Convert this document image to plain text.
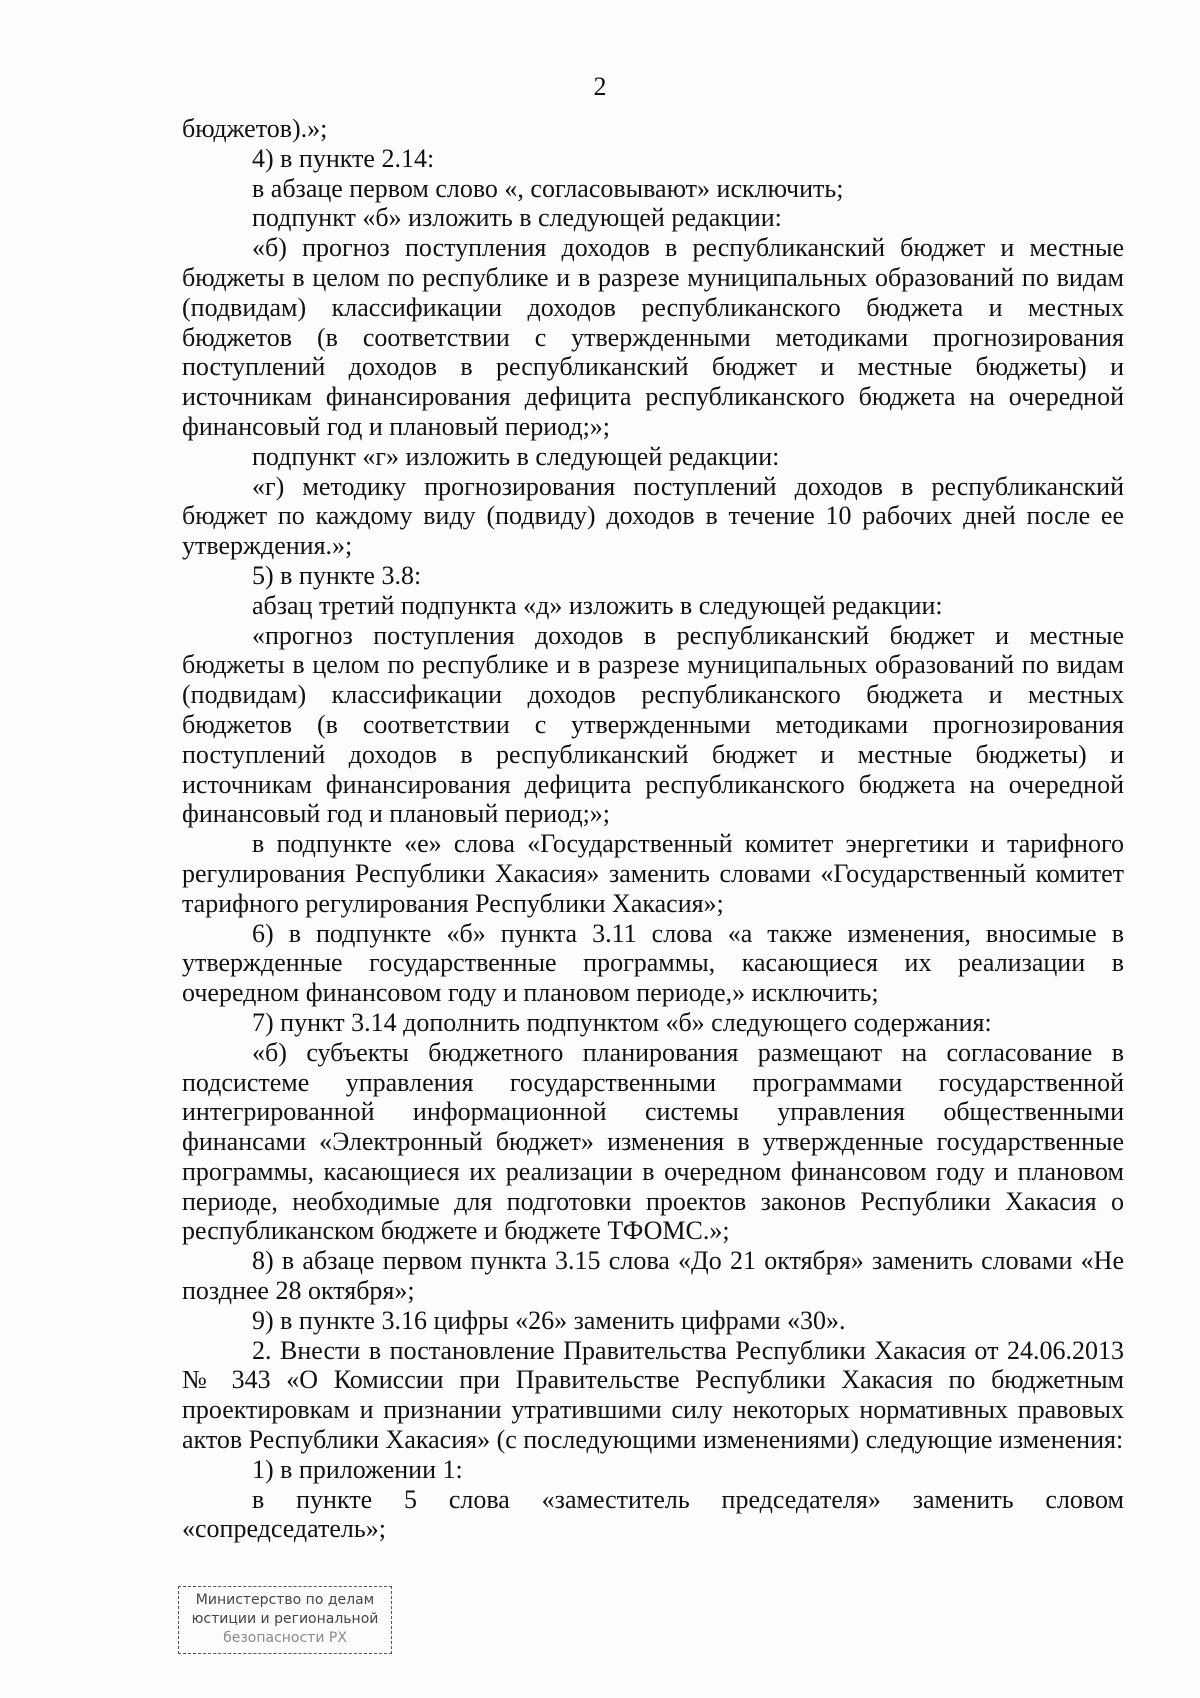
2

бюджетов).»;

4) в пункте 2.14:

в абзаце первом слово «, согласовывают» исключить;

подпункт «б» изложить в следующей редакции:

«б) прогноз поступления доходов в республиканский бюджет и местные бюджеты в целом по республике и в разрезе муниципальных образований по видам (подвидам) классификации доходов республиканского бюджета и местных бюджетов (в соответствии с утвержденными методиками прогнозирования поступлений доходов в республиканский бюджет и местные бюджеты) и источникам финансирования дефицита республиканского бюджета на очередной финансовый год и плановый период;»;

подпункт «г» изложить в следующей редакции:

«г) методику прогнозирования поступлений доходов в республиканский бюджет по каждому виду (подвиду) доходов в течение 10 рабочих дней после ее утверждения.»;

5) в пункте 3.8:

абзац третий подпункта «д» изложить в следующей редакции:

«прогноз поступления доходов в республиканский бюджет и местные бюджеты в целом по республике и в разрезе муниципальных образований по видам (подвидам) классификации доходов республиканского бюджета и местных бюджетов (в соответствии с утвержденными методиками прогнозирования поступлений доходов в республиканский бюджет и местные бюджеты) и источникам финансирования дефицита республиканского бюджета на очередной финансовый год и плановый период;»;

в подпункте «е» слова «Государственный комитет энергетики и тарифного регулирования Республики Хакасия» заменить словами «Государственный комитет тарифного регулирования Республики Хакасия»;

6) в подпункте «б» пункта 3.11 слова «а также изменения, вносимые в утвержденные государственные программы, касающиеся их реализации в очередном финансовом году и плановом периоде,» исключить;

7) пункт 3.14 дополнить подпунктом «б» следующего содержания:

«б) субъекты бюджетного планирования размещают на согласование в подсистеме управления государственными программами государственной интегрированной информационной системы управления общественными финансами «Электронный бюджет» изменения в утвержденные государственные программы, касающиеся их реализации в очередном финансовом году и плановом периоде, необходимые для подготовки проектов законов Республики Хакасия о республиканском бюджете и бюджете ТФОМС.»;

8) в абзаце первом пункта 3.15 слова «До 21 октября» заменить словами «Не позднее 28 октября»;

9) в пункте 3.16 цифры «26» заменить цифрами «30».

2. Внести в постановление Правительства Республики Хакасия от 24.06.2013 № 343 «О Комиссии при Правительстве Республики Хакасия по бюджетным проектировкам и признании утратившими силу некоторых нормативных правовых актов Республики Хакасия» (с последующими изменениями) следующие изменения:

1) в приложении 1:

в пункте 5 слова «заместитель председателя» заменить словом «сопредседатель»;

Министерство по делам
юстиции и региональной
безопасности РХ
